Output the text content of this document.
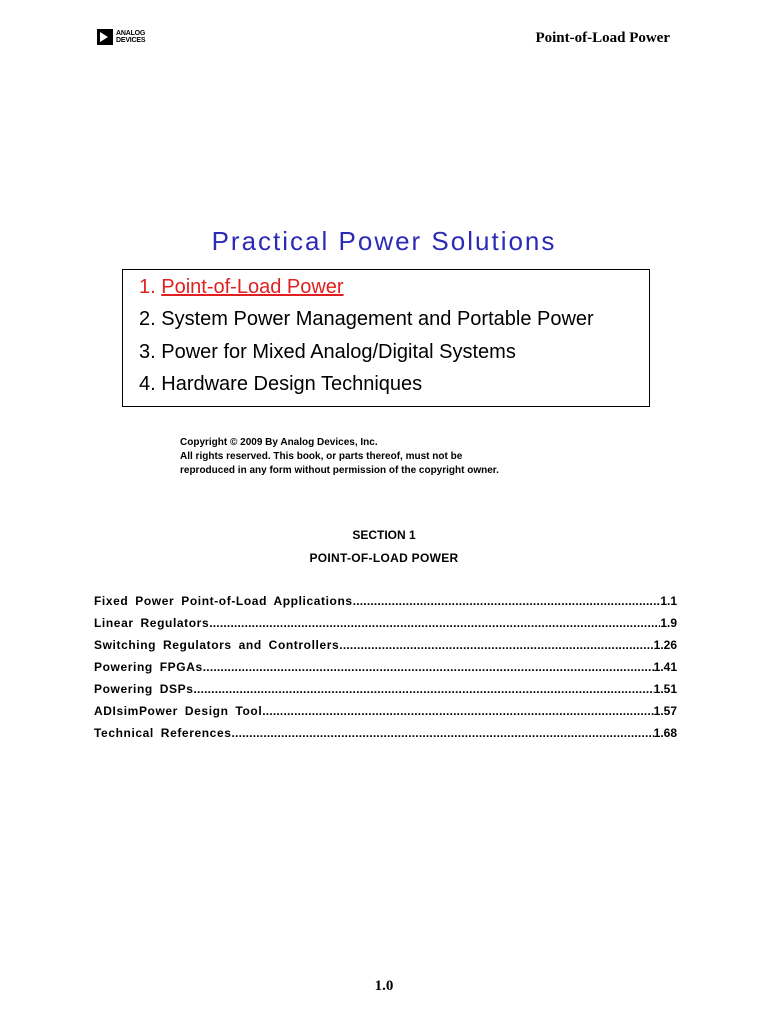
ANALOG
DEVICES	Point-of-Load Power
Practical Power Solutions
1. Point-of-Load Power
2. System Power Management and Portable Power
3. Power for Mixed Analog/Digital Systems
4. Hardware Design Techniques
Copyright © 2009 By Analog Devices, Inc.
All rights reserved. This book, or parts thereof, must not be
reproduced in any form without permission of the copyright owner.
SECTION 1
POINT-OF-LOAD POWER
Fixed Power Point-of-Load Applications .....	1.1
Linear Regulators .....	1.9
Switching Regulators and Controllers .....	1.26
Powering FPGAs .....	1.41
Powering DSPs .....	1.51
ADIsimPower Design Tool .....	1.57
Technical References .....	1.68
1.0
